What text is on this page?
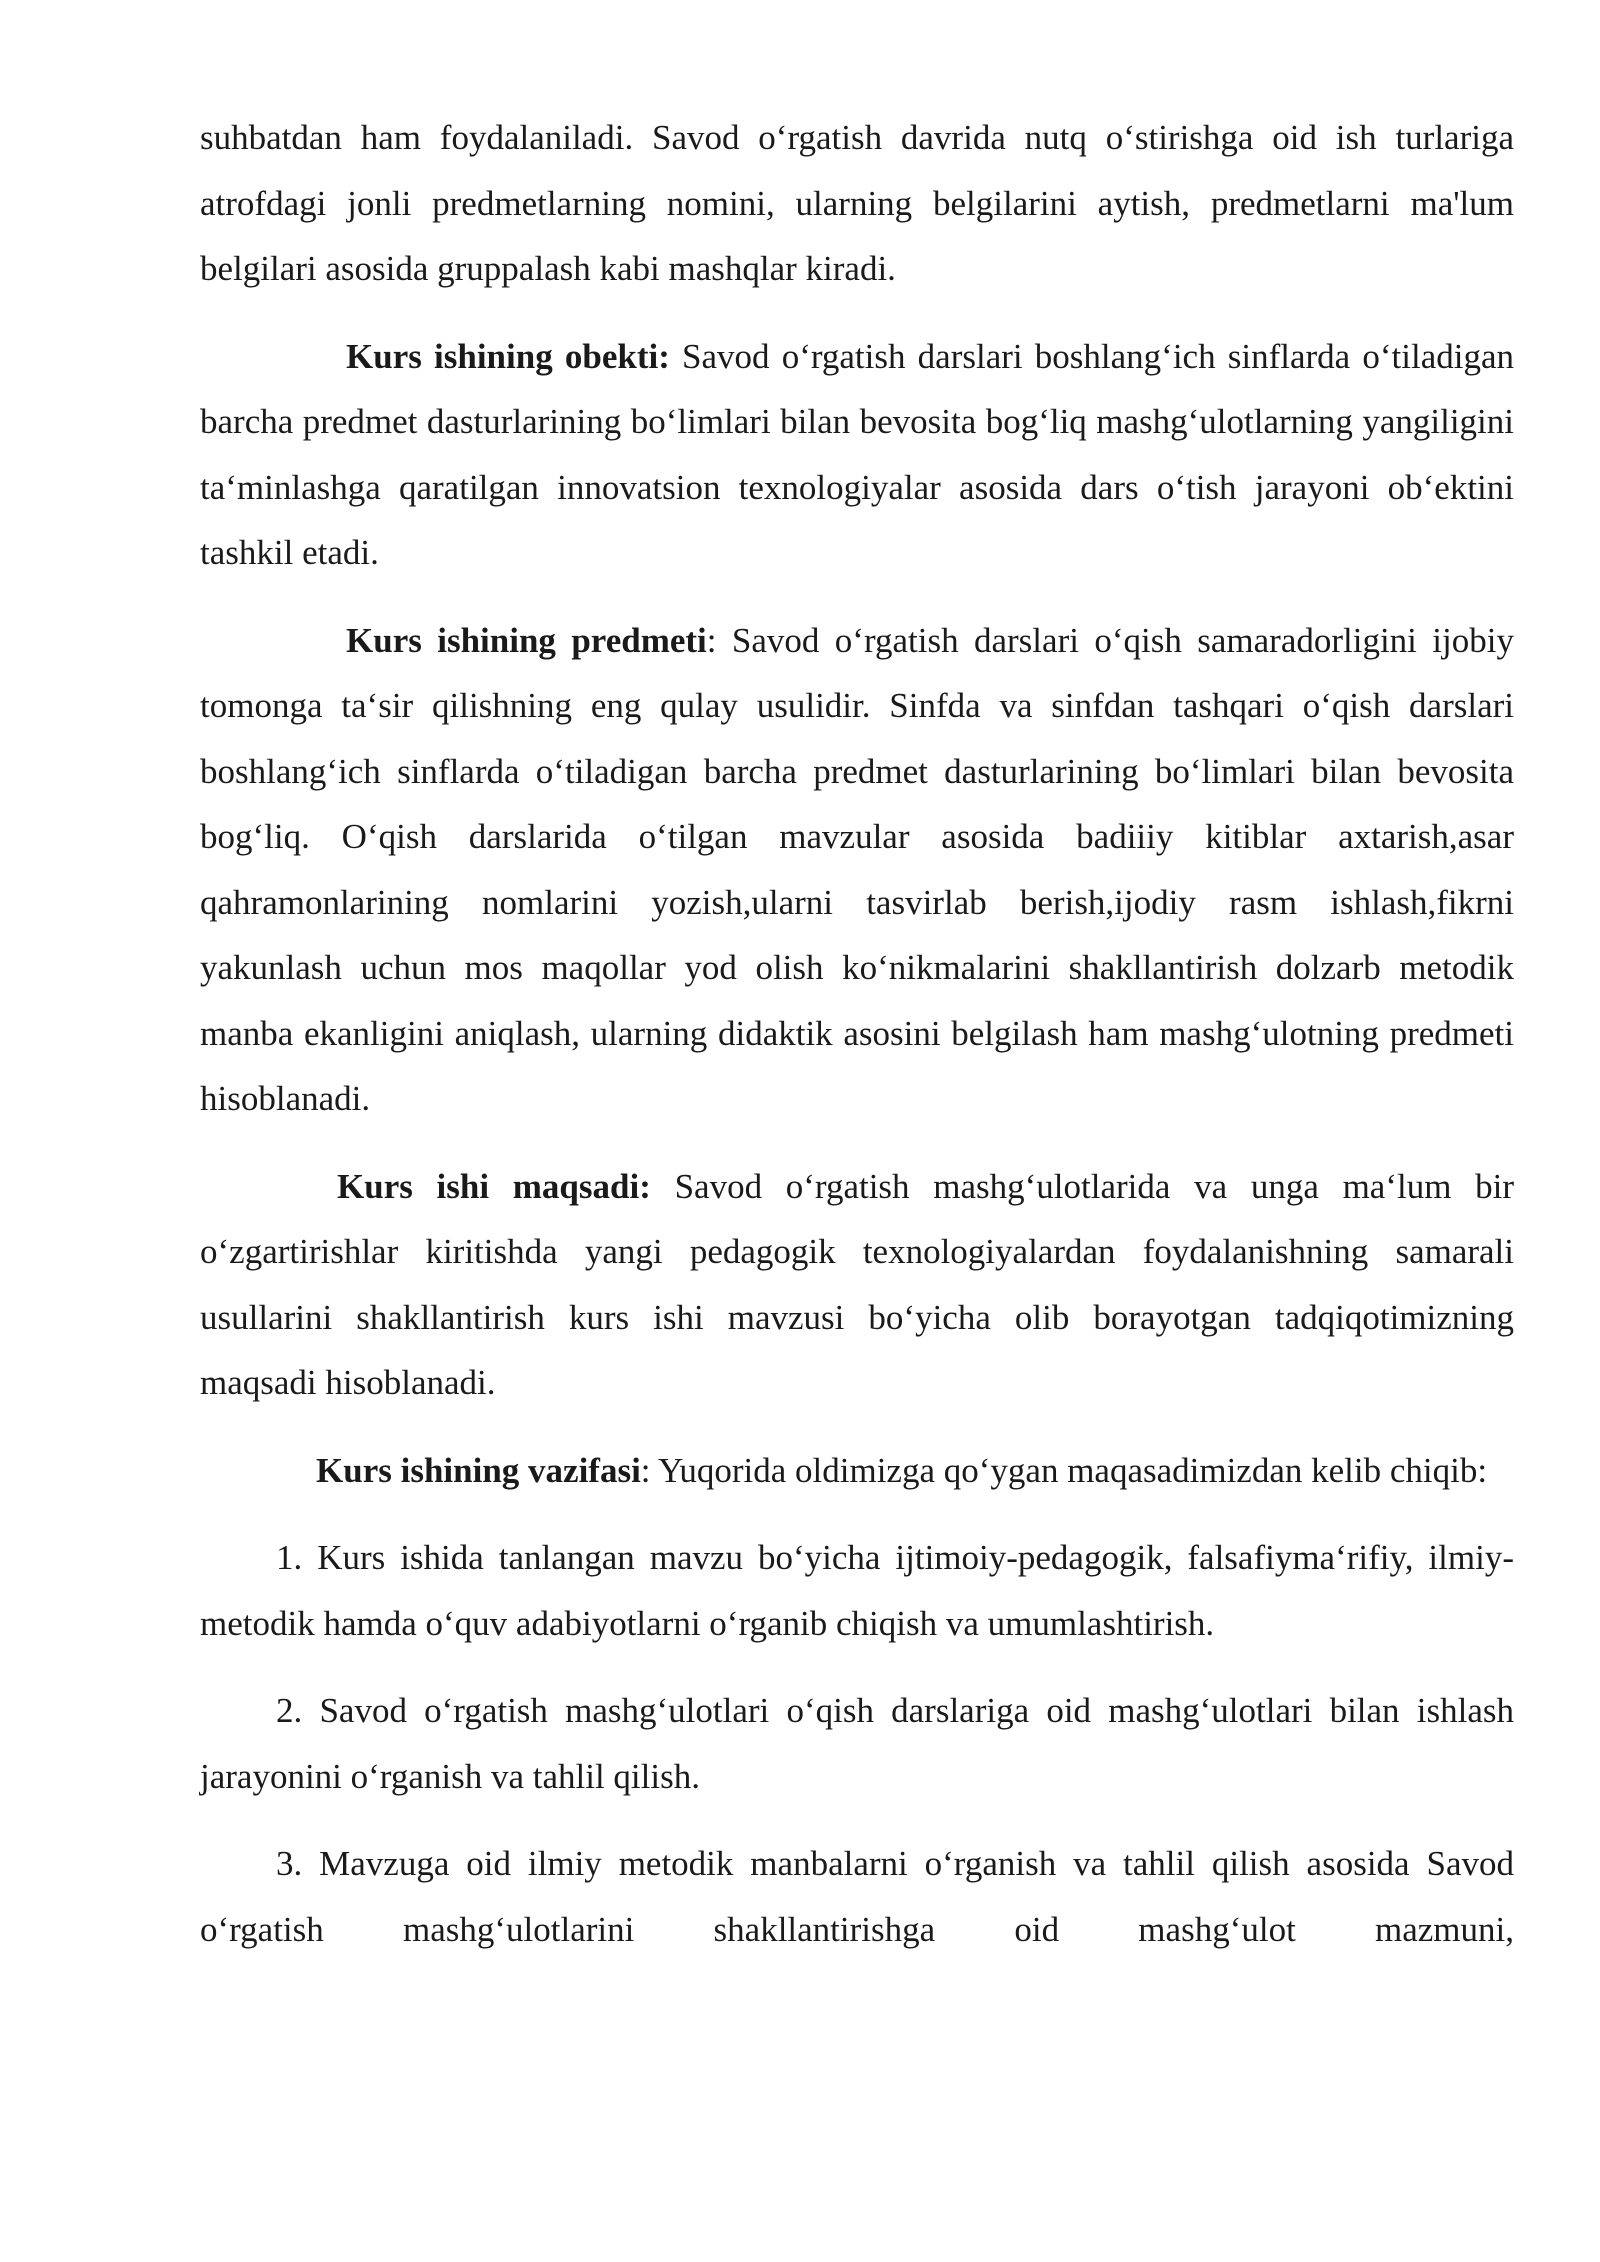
suhbatdan ham foydalaniladi. Savod o‘rgatish davrida nutq o‘stirishga oid ish turlariga atrofdagi jonli predmetlarning nomini, ularning belgilarini aytish, predmetlarni ma'lum belgilari asosida gruppalash kabi mashqlar kiradi.

Kurs ishining obekti: Savod o‘rgatish darslari boshlang‘ich sinflarda o‘tiladigan barcha predmet dasturlarining bo‘limlari bilan bevosita bog‘liq mashg‘ulotlarning yangiligini ta‘minlashga qaratilgan innovatsion texnologiyalar asosida dars o‘tish jarayoni ob‘ektini tashkil etadi.

Kurs ishining predmeti: Savod o‘rgatish darslari o‘qish samaradorligini ijobiy tomonga ta‘sir qilishning eng qulay usulidir. Sinfda va sinfdan tashqari o‘qish darslari boshlang‘ich sinflarda o‘tiladigan barcha predmet dasturlarining bo‘limlari bilan bevosita bog‘liq. O‘qish darslarida o‘tilgan mavzular asosida badiiiy kitiblar axtarish,asar qahramonlarining nomlarini yozish,ularni tasvirlab berish,ijodiy rasm ishlash,fikrni yakunlash uchun mos maqollar yod olish ko‘nikmalarini shakllantirish dolzarb metodik manba ekanligini aniqlash, ularning didaktik asosini belgilash ham mashg‘ulotning predmeti hisoblanadi.

Kurs ishi maqsadi: Savod o‘rgatish mashg‘ulotlarida va unga ma‘lum bir o‘zgartirishlar kiritishda yangi pedagogik texnologiyalardan foydalanishning samarali usullarini shakllantirish kurs ishi mavzusi bo‘yicha olib borayotgan tadqiqotimizning maqsadi hisoblanadi.

Kurs ishining vazifasi: Yuqorida oldimizga qo‘ygan maqasadimizdan kelib chiqib:

1. Kurs ishida tanlangan mavzu bo‘yicha ijtimoiy-pedagogik, falsafiyma‘rifiy, ilmiy-metodik hamda o‘quv adabiyotlarni o‘rganib chiqish va umumlashtirish.

2. Savod o‘rgatish mashg‘ulotlari o‘qish darslariga oid mashg‘ulotlari bilan ishlash jarayonini o‘rganish va tahlil qilish.

3. Mavzuga oid ilmiy metodik manbalarni o‘rganish va tahlil qilish asosida Savod o‘rgatish mashg‘ulotlarini shakllantirishga oid mashg‘ulot mazmuni,
